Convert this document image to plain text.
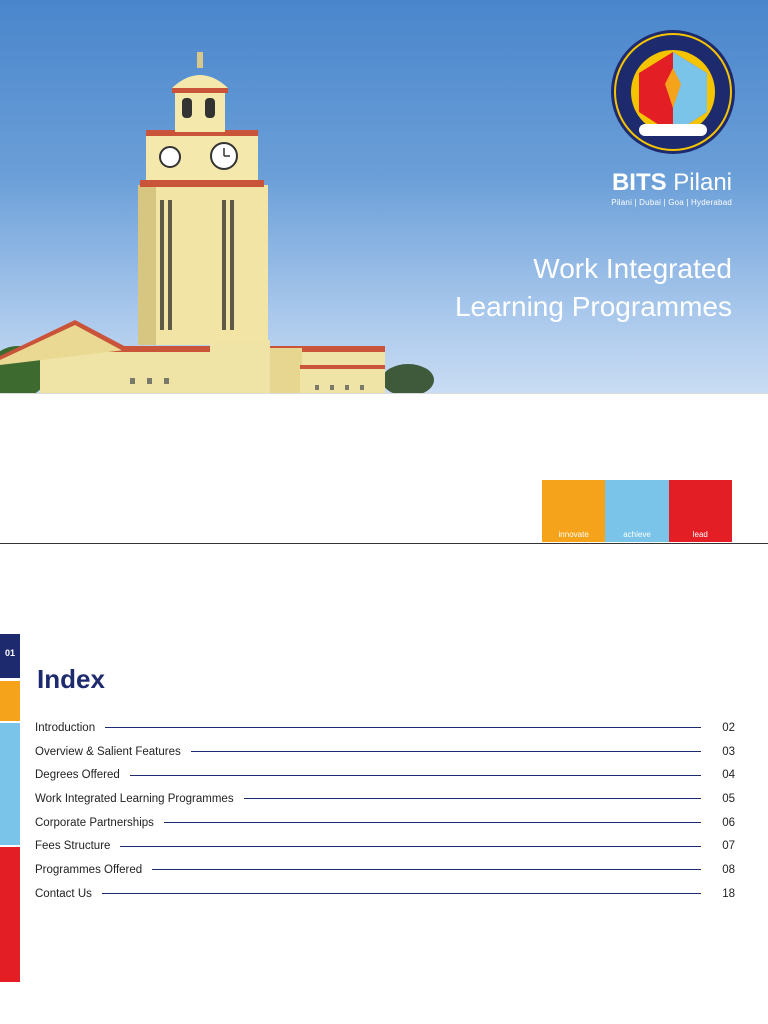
BITS Pilani
Pilani | Dubai | Goa | Hyderabad
Work Integrated
Learning Programmes
innovate	achieve	lead
01
Index
Introduction	02
Overview & Salient Features	03
Degrees Offered	04
Work Integrated Learning Programmes	05
Corporate Partnerships	06
Fees Structure	07
Programmes Offered	08
Contact Us	18
